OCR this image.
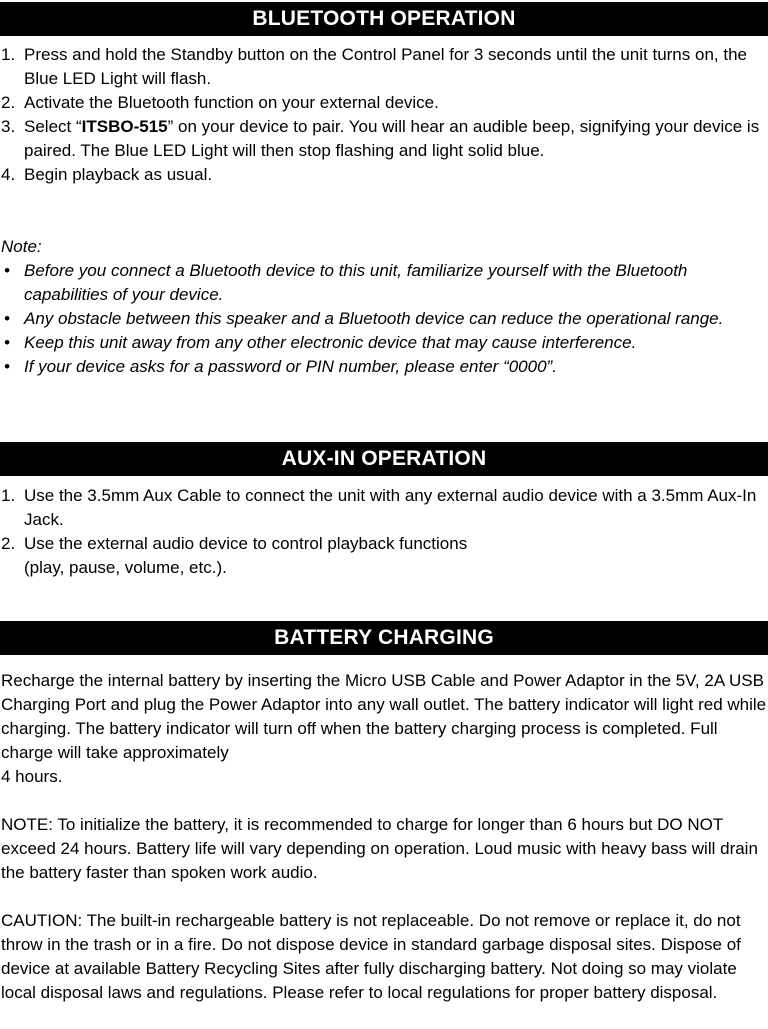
BLUETOOTH OPERATION
1. Press and hold the Standby button on the Control Panel for 3 seconds until the unit turns on, the Blue LED Light will flash.
2. Activate the Bluetooth function on your external device.
3. Select “ITSBO-515” on your device to pair. You will hear an audible beep, signifying your device is paired. The Blue LED Light will then stop flashing and light solid blue.
4. Begin playback as usual.
Note:
• Before you connect a Bluetooth device to this unit, familiarize yourself with the Bluetooth capabilities of your device.
• Any obstacle between this speaker and a Bluetooth device can reduce the operational range.
• Keep this unit away from any other electronic device that may cause interference.
• If your device asks for a password or PIN number, please enter “0000”.
AUX-IN OPERATION
1. Use the 3.5mm Aux Cable to connect the unit with any external audio device with a 3.5mm Aux-In Jack.
2. Use the external audio device to control playback functions
(play, pause, volume, etc.).
BATTERY CHARGING
Recharge the internal battery by inserting the Micro USB Cable and Power Adaptor in the 5V, 2A USB Charging Port and plug the Power Adaptor into any wall outlet. The battery indicator will light red while charging. The battery indicator will turn off when the battery charging process is completed. Full charge will take approximately
4 hours.
NOTE: To initialize the battery, it is recommended to charge for longer than 6 hours but DO NOT exceed 24 hours. Battery life will vary depending on operation. Loud music with heavy bass will drain the battery faster than spoken work audio.
CAUTION: The built-in rechargeable battery is not replaceable. Do not remove or replace it, do not throw in the trash or in a fire. Do not dispose device in standard garbage disposal sites. Dispose of device at available Battery Recycling Sites after fully discharging battery. Not doing so may violate local disposal laws and regulations. Please refer to local regulations for proper battery disposal.
